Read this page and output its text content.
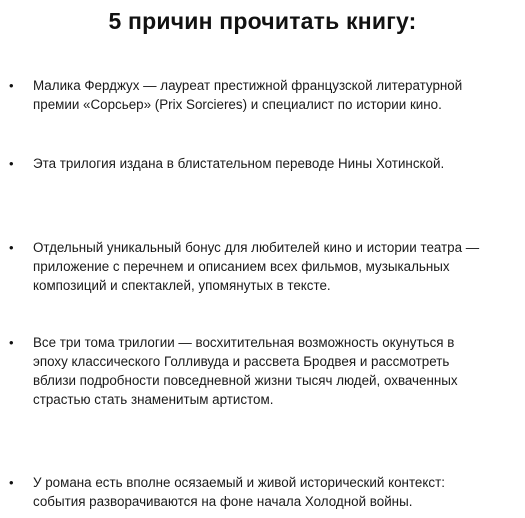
5 причин прочитать книгу:
• Малика Ферджух — лауреат престижной французской литературной
премии «Сорсьер» (Prix Sorcieres) и специалист по истории кино.
• Эта трилогия издана в блистательном переводе Нины Хотинской.
• Отдельный уникальный бонус для любителей кино и истории театра —
приложение с перечнем и описанием всех фильмов, музыкальных
композиций и спектаклей, упомянутых в тексте.
• Все три тома трилогии — восхитительная возможность окунуться в
эпоху классического Голливуда и рассвета Бродвея и рассмотреть
вблизи подробности повседневной жизни тысяч людей, охваченных
страстью стать знаменитым артистом.
• У романа есть вполне осязаемый и живой исторический контекст:
события разворачиваются на фоне начала Холодной войны.
